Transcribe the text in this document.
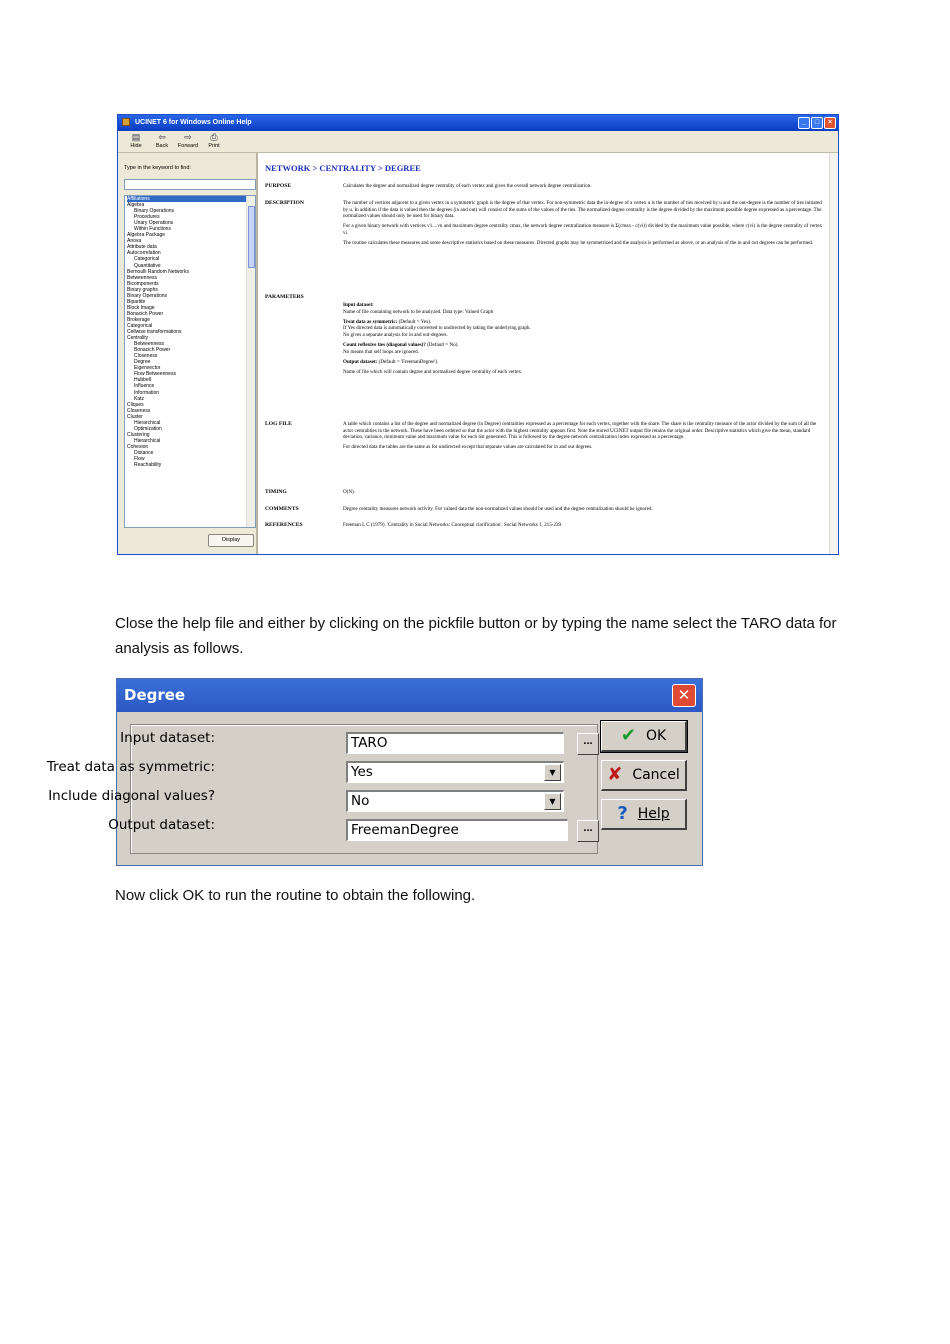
UCINET 6 for Windows Online Help	_	□	×
▤
Hide
⇦
Back
⇨
Forward
⎙
Print
Type in the keyword to find:
Affiliations
Algebra
Binary Operations
Procedures
Unary Operations
Within Functions
Algebra Package
Anova
Attribute data
Autocorrelation
Categorical
Quantitative
Bernoulli Random Networks
Betweenness
Bicomponents
Binary graphs
Binary Operations
Bipartite
Block Image
Bonacich Power
Brokerage
Categorical
Cellwise transformations
Centrality
Betweenness
Bonacich Power
Closeness
Degree
Eigenvector
Flow Betweenness
Hubbell
Influence
Information
Katz
Cliques
Closeness
Cluster
Hierarchical
Optimization
Clustering
Hierarchical
Cohesion
Distance
Flow
Reachability
Display
NETWORK > CENTRALITY > DEGREE
PURPOSE	Calculates the degree and normalized degree centrality of each vertex and gives the overall network degree centralization.
DESCRIPTION	The number of vertices adjacent to a given vertex in a symmetric graph is the degree of that vertex. For non-symmetric data the in-degree of a vertex u is the number of ties received by u and the out-degree is the number of ties initiated by u. In addition if the data is valued then the degrees (in and out) will consist of the sums of the values of the ties. The normalized degree centrality is the degree divided by the maximum possible degree expressed as a percentage. The normalized values should only be used for binary data.

For a given binary network with vertices v1....vn and maximum degree centrality cmax, the network degree centralization measure is Σ(cmax - c(vi)) divided by the maximum value possible, where c(vi) is the degree centrality of vertex vi.

The routine calculates these measures and some descriptive statistics based on these measures. Directed graphs may be symmetrized and the analysis is performed as above, or an analysis of the in and out degrees can be performed.

PARAMETERS

Input dataset:
Name of file containing network to be analyzed. Data type: Valued Graph

Treat data as symmetric: (Default = Yes).
If Yes directed data is automatically converted to undirected by taking the underlying graph.
No gives a separate analysis for in and out-degrees.

Count reflexive ties (diagonal values)? (Default = No).
No means that self loops are ignored.

Output dataset: (Default = 'FreemanDegree').

Name of file which will contain degree and normalized degree centrality of each vertex.

LOG FILE	A table which contains a list of the degree and normalized degree (in Degree) centralities expressed as a percentage for each vertex, together with the share. The share is the centrality measure of the actor divided by the sum of all the actor centralities in the network. These have been ordered so that the actor with the highest centrality appears first. Note the stored UCINET output file retains the original order. Descriptive statistics which give the mean, standard deviation, variance, minimum value and maximum value for each list generated. This is followed by the degree network centralization index expressed as a percentage.

For directed data the tables are the same as for undirected except that separate values are calculated for in and out degrees.

TIMING	O(N).
COMMENTS	Degree centrality measures network activity. For valued data the non-normalized values should be used and the degree centralization should be ignored.
REFERENCES	Freeman L C (1979). 'Centrality in Social Networks: Conceptual clarification'. Social Networks 1, 215-239.
Close the help file and either by clicking on the pickfile button or by typing the name select the TARO data for analysis as follows.
Now click OK to run the routine to obtain the following.
Degree	✕
Input dataset:	TARO	...
Treat data as symmetric:	Yes	▼
Include diagonal values?	No	▼
Output dataset:	FreemanDegree	...
✔ OK
✘ Cancel
? Help
